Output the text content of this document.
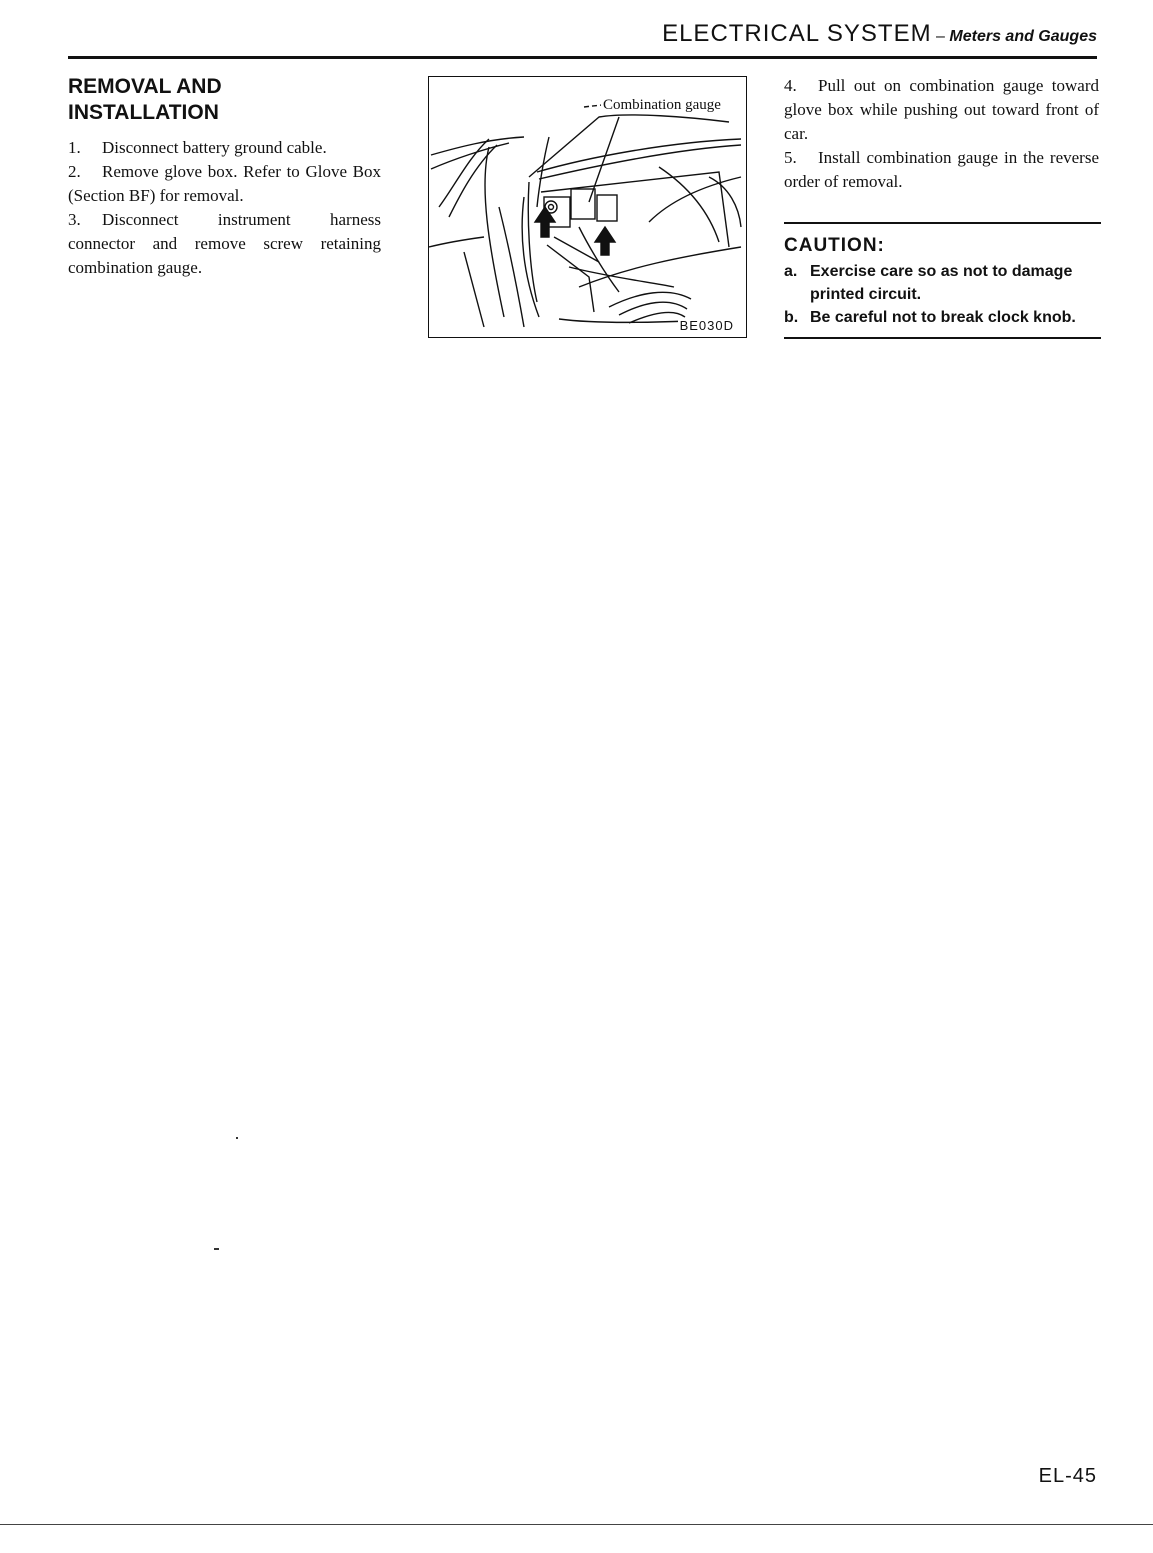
ELECTRICAL SYSTEM – Meters and Gauges
REMOVAL AND
INSTALLATION

1. Disconnect battery ground cable.

2. Remove glove box. Refer to Glove Box (Section BF) for removal.

3. Disconnect instrument harness connector and remove screw retaining combination gauge.

Combination gauge
BE030D

4. Pull out on combination gauge toward glove box while pushing out toward front of car.

5. Install combination gauge in the reverse order of removal.

CAUTION:
a. Exercise care so as not to damage printed circuit.
b. Be careful not to break clock knob.
EL-45
